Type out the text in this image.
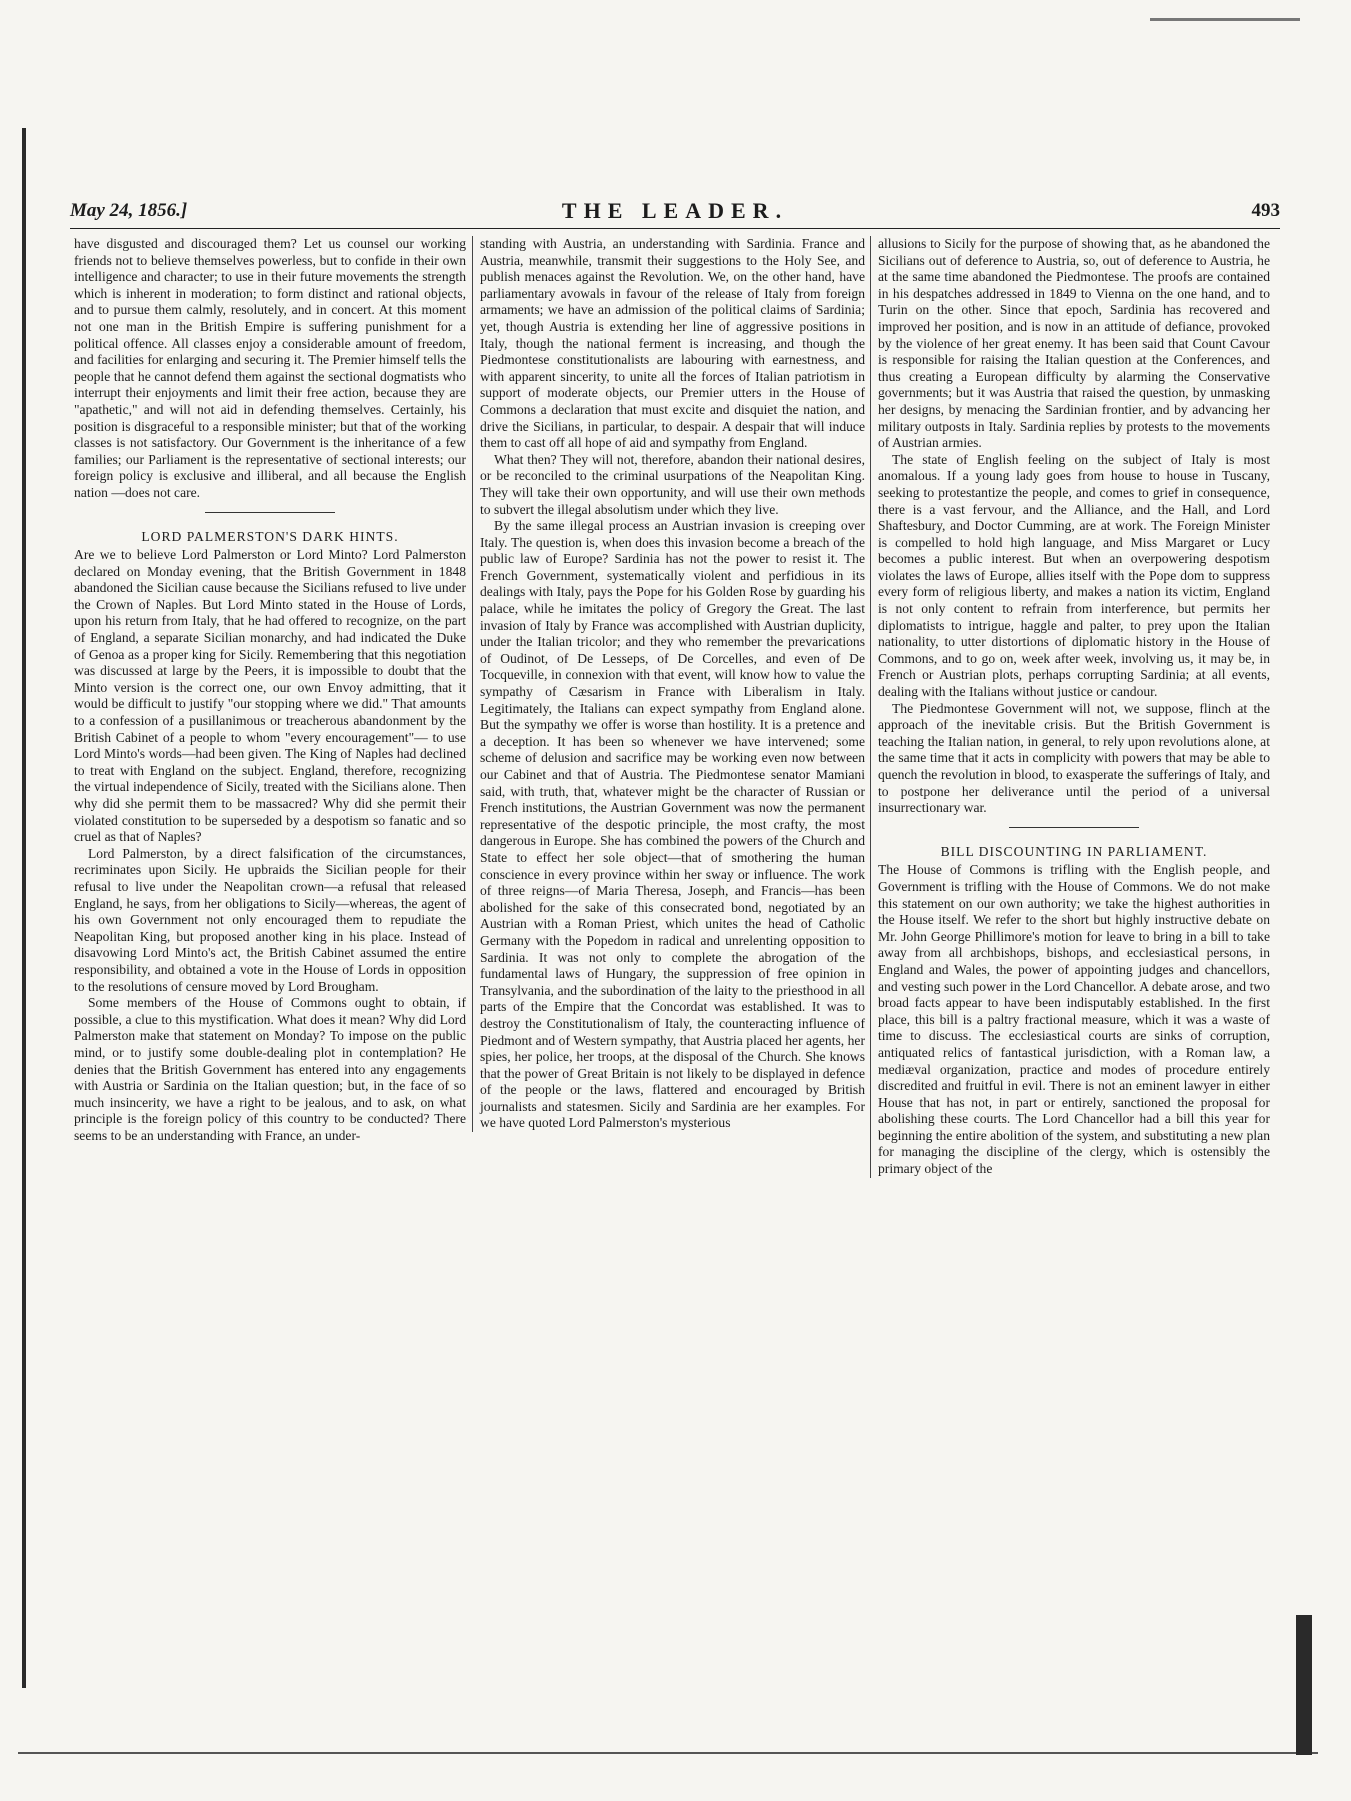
May 24, 1856.]	THE LEADER.	493

have disgusted and discouraged them? Let us counsel our working friends not to believe themselves powerless, but to confide in their own intelligence and character; to use in their future movements the strength which is inherent in moderation; to form distinct and rational objects, and to pursue them calmly, resolutely, and in concert. At this moment not one man in the British Empire is suffering punishment for a political offence. All classes enjoy a considerable amount of freedom, and facilities for enlarging and securing it. The Premier himself tells the people that he cannot defend them against the sectional dogmatists who interrupt their enjoyments and limit their free action, because they are "apathetic," and will not aid in defending themselves. Certainly, his position is disgraceful to a responsible minister; but that of the working classes is not satisfactory. Our Government is the inheritance of a few families; our Parliament is the representative of sectional interests; our foreign policy is exclusive and illiberal, and all because the English nation —does not care.

LORD PALMERSTON'S DARK HINTS.

Are we to believe Lord Palmerston or Lord Minto? Lord Palmerston declared on Monday evening, that the British Government in 1848 abandoned the Sicilian cause because the Sicilians refused to live under the Crown of Naples. But Lord Minto stated in the House of Lords, upon his return from Italy, that he had offered to recognize, on the part of England, a separate Sicilian monarchy, and had indicated the Duke of Genoa as a proper king for Sicily. Remembering that this negotiation was discussed at large by the Peers, it is impossible to doubt that the Minto version is the correct one, our own Envoy admitting, that it would be difficult to justify "our stopping where we did." That amounts to a confession of a pusillanimous or treacherous abandonment by the British Cabinet of a people to whom "every encouragement"— to use Lord Minto's words—had been given. The King of Naples had declined to treat with England on the subject. England, therefore, recognizing the virtual independence of Sicily, treated with the Sicilians alone. Then why did she permit them to be massacred? Why did she permit their violated constitution to be superseded by a despotism so fanatic and so cruel as that of Naples?

Lord Palmerston, by a direct falsification of the circumstances, recriminates upon Sicily. He upbraids the Sicilian people for their refusal to live under the Neapolitan crown—a refusal that released England, he says, from her obligations to Sicily—whereas, the agent of his own Government not only encouraged them to repudiate the Neapolitan King, but proposed another king in his place. Instead of disavowing Lord Minto's act, the British Cabinet assumed the entire responsibility, and obtained a vote in the House of Lords in opposition to the resolutions of censure moved by Lord Brougham.

Some members of the House of Commons ought to obtain, if possible, a clue to this mystification. What does it mean? Why did Lord Palmerston make that statement on Monday? To impose on the public mind, or to justify some double-dealing plot in contemplation? He denies that the British Government has entered into any engagements with Austria or Sardinia on the Italian question; but, in the face of so much insincerity, we have a right to be jealous, and to ask, on what principle is the foreign policy of this country to be conducted? There seems to be an understanding with France, an under-

standing with Austria, an understanding with Sardinia. France and Austria, meanwhile, transmit their suggestions to the Holy See, and publish menaces against the Revolution. We, on the other hand, have parliamentary avowals in favour of the release of Italy from foreign armaments; we have an admission of the political claims of Sardinia; yet, though Austria is extending her line of aggressive positions in Italy, though the national ferment is increasing, and though the Piedmontese constitutionalists are labouring with earnestness, and with apparent sincerity, to unite all the forces of Italian patriotism in support of moderate objects, our Premier utters in the House of Commons a declaration that must excite and disquiet the nation, and drive the Sicilians, in particular, to despair. A despair that will induce them to cast off all hope of aid and sympathy from England.

What then? They will not, therefore, abandon their national desires, or be reconciled to the criminal usurpations of the Neapolitan King. They will take their own opportunity, and will use their own methods to subvert the illegal absolutism under which they live.

By the same illegal process an Austrian invasion is creeping over Italy. The question is, when does this invasion become a breach of the public law of Europe? Sardinia has not the power to resist it. The French Government, systematically violent and perfidious in its dealings with Italy, pays the Pope for his Golden Rose by guarding his palace, while he imitates the policy of Gregory the Great. The last invasion of Italy by France was accomplished with Austrian duplicity, under the Italian tricolor; and they who remember the prevarications of Oudinot, of De Lesseps, of De Corcelles, and even of De Tocqueville, in connexion with that event, will know how to value the sympathy of Cæsarism in France with Liberalism in Italy. Legitimately, the Italians can expect sympathy from England alone. But the sympathy we offer is worse than hostility. It is a pretence and a deception. It has been so whenever we have intervened; some scheme of delusion and sacrifice may be working even now between our Cabinet and that of Austria. The Piedmontese senator Mamiani said, with truth, that, whatever might be the character of Russian or French institutions, the Austrian Government was now the permanent representative of the despotic principle, the most crafty, the most dangerous in Europe. She has combined the powers of the Church and State to effect her sole object—that of smothering the human conscience in every province within her sway or influence. The work of three reigns—of Maria Theresa, Joseph, and Francis—has been abolished for the sake of this consecrated bond, negotiated by an Austrian with a Roman Priest, which unites the head of Catholic Germany with the Popedom in radical and unrelenting opposition to Sardinia. It was not only to complete the abrogation of the fundamental laws of Hungary, the suppression of free opinion in Transylvania, and the subordination of the laity to the priesthood in all parts of the Empire that the Concordat was established. It was to destroy the Constitutionalism of Italy, the counteracting influence of Piedmont and of Western sympathy, that Austria placed her agents, her spies, her police, her troops, at the disposal of the Church. She knows that the power of Great Britain is not likely to be displayed in defence of the people or the laws, flattered and encouraged by British journalists and statesmen. Sicily and Sardinia are her examples. For we have quoted Lord Palmerston's mysterious

allusions to Sicily for the purpose of showing that, as he abandoned the Sicilians out of deference to Austria, so, out of deference to Austria, he at the same time abandoned the Piedmontese. The proofs are contained in his despatches addressed in 1849 to Vienna on the one hand, and to Turin on the other. Since that epoch, Sardinia has recovered and improved her position, and is now in an attitude of defiance, provoked by the violence of her great enemy. It has been said that Count Cavour is responsible for raising the Italian question at the Conferences, and thus creating a European difficulty by alarming the Conservative governments; but it was Austria that raised the question, by unmasking her designs, by menacing the Sardinian frontier, and by advancing her military outposts in Italy. Sardinia replies by protests to the movements of Austrian armies.

The state of English feeling on the subject of Italy is most anomalous. If a young lady goes from house to house in Tuscany, seeking to protestantize the people, and comes to grief in consequence, there is a vast fervour, and the Alliance, and the Hall, and Lord Shaftesbury, and Doctor Cumming, are at work. The Foreign Minister is compelled to hold high language, and Miss Margaret or Lucy becomes a public interest. But when an overpowering despotism violates the laws of Europe, allies itself with the Pope dom to suppress every form of religious liberty, and makes a nation its victim, England is not only content to refrain from interference, but permits her diplomatists to intrigue, haggle and palter, to prey upon the Italian nationality, to utter distortions of diplomatic history in the House of Commons, and to go on, week after week, involving us, it may be, in French or Austrian plots, perhaps corrupting Sardinia; at all events, dealing with the Italians without justice or candour.

The Piedmontese Government will not, we suppose, flinch at the approach of the inevitable crisis. But the British Government is teaching the Italian nation, in general, to rely upon revolutions alone, at the same time that it acts in complicity with powers that may be able to quench the revolution in blood, to exasperate the sufferings of Italy, and to postpone her deliverance until the period of a universal insurrectionary war.

BILL DISCOUNTING IN PARLIAMENT.

The House of Commons is trifling with the English people, and Government is trifling with the House of Commons. We do not make this statement on our own authority; we take the highest authorities in the House itself. We refer to the short but highly instructive debate on Mr. John George Phillimore's motion for leave to bring in a bill to take away from all archbishops, bishops, and ecclesiastical persons, in England and Wales, the power of appointing judges and chancellors, and vesting such power in the Lord Chancellor. A debate arose, and two broad facts appear to have been indisputably established. In the first place, this bill is a paltry fractional measure, which it was a waste of time to discuss. The ecclesiastical courts are sinks of corruption, antiquated relics of fantastical jurisdiction, with a Roman law, a mediæval organization, practice and modes of procedure entirely discredited and fruitful in evil. There is not an eminent lawyer in either House that has not, in part or entirely, sanctioned the proposal for abolishing these courts. The Lord Chancellor had a bill this year for beginning the entire abolition of the system, and substituting a new plan for managing the discipline of the clergy, which is ostensibly the primary object of the
